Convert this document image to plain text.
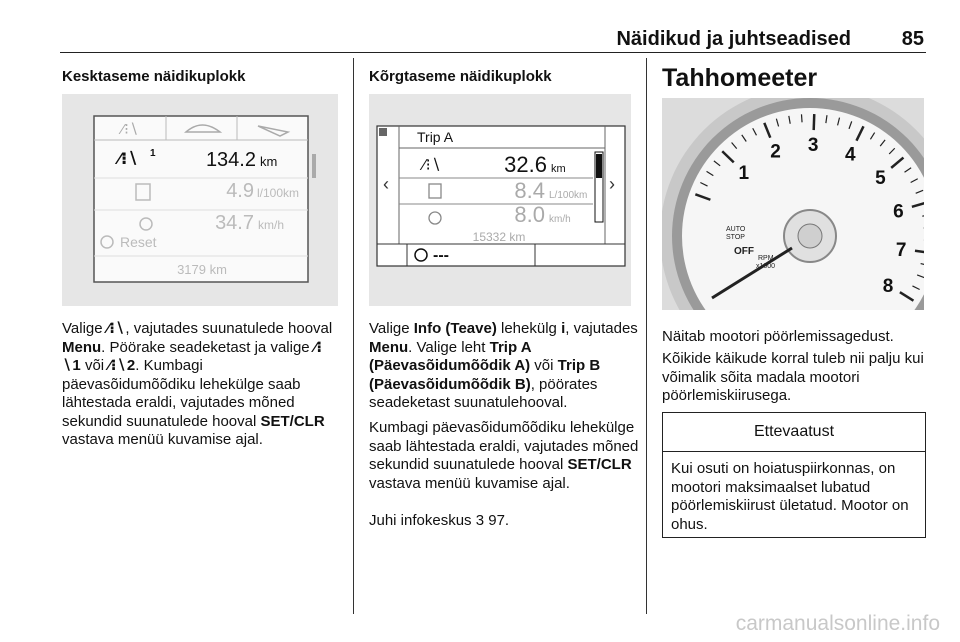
Näidikud ja juhtseadised	85
Kesktaseme näidikuplokk
⁄⁝∖
⁄⁝∖ 1	134.2 km
4.9 l/100km
34.7 km/h
Reset
3179 km
Valige ⁄⁝∖, vajutades suunatulede hooval Menu. Pöörake seadeketast ja valige ⁄⁝∖1 või ⁄⁝∖2. Kumbagi päevasõidumõõdiku lehekülge saab lähtestada eraldi, vajutades mõned sekundid suunatulede hooval SET/CLR vastava menüü kuvamise ajal.
Kõrgtaseme näidikuplokk
‹	›
Trip A
⁄⁝∖	32.6 km
8.4 L/100km
8.0 km/h
15332 km
---
Valige Info (Teave) lehekülg i, vajutades Menu. Valige leht Trip A (Päevasõidumõõdik A) või Trip B (Päevasõidumõõdik B), pöörates seadeketast suunatulehooval.
Kumbagi päevasõidumõõdiku lehekülge saab lähtestada eraldi, vajutades mõned sekundid suunatulede hooval SET/CLR vastava menüü kuvamise ajal.
Juhi infokeskus 3 97.
Tahhomeeter
1
2 3 4
5
6
7
8
AUTO
STOP
OFF
RPM
x1000
Näitab mootori pöörlemissagedust.
Kõikide käikude korral tuleb nii palju kui võimalik sõita madala mootori pöörlemiskiirusega.
Ettevaatust
Kui osuti on hoiatuspiirkonnas, on mootori maksimaalset lubatud pöörlemiskiirust ületatud. Mootor on ohus.
carmanualsonline.info
